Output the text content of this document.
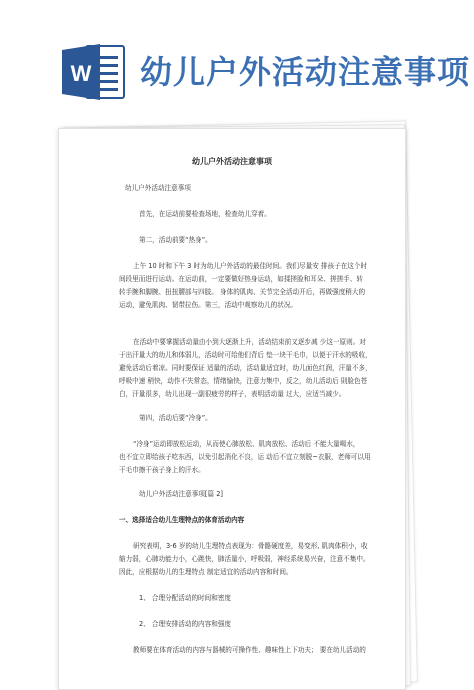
W 幼儿户外活动注意事项
幼儿户外活动注意事项
幼儿户外活动注意事项
首先，在运动前要检查场地，检查幼儿穿着。
第二，活动前要“热身”。
上午 10 时和下午 3 时为幼儿户外活动的最佳时间。我们尽量安 排孩子在这个时
间段里而进行运动。在运动前，一定要做好热身运动，如揉搓脸和耳朵、搓搓手、转
转手腕和脚腕、扭扭腰部与四肢。 身体的肌肉、关节完全活动开后，再做强度稍大的
运动，避免肌肉、韧带拉伤。第三，活动中观察幼儿的状况。
在活动中要掌握活动量由小到大逐渐上升，活动结束前又逐步减 少这一原则。对
于出汗量大的幼儿和体弱儿，活动时可给他们背后 垫一块干毛巾，以便于汗水的吸收，
避免活动后着凉。同时要保证 适量的活动，活动量适宜时，幼儿面色红润，汗量不多，
呼吸中速 稍快，动作不失常态，情绪愉快，注意力集中，反之，幼儿活动后 則脸色苍
白，汗量很多，幼儿出现一副很疲劳的样子，表明活动量 过大，应适当减少。
第四，活动后要“冷身”。
“冷身”运动即放松运动，从而使心肺放松、肌肉放松、活动后 不能大量喝水，
也不宜立即给孩子吃东西，以免引起消化不良，运 动后不宜立刻脱~衣服，老师可以用
干毛巾擦干孩子身上的汗水。
幼儿户外活动注意事项[篇 2]
一、选择适合幼儿生理特点的体育活动内容
研究表明，3-6 岁的幼儿生理特点表现为：骨骼硬度差，易变形, 肌肉体积小，收
缩力弱，心肺功能力小，心跳快，肺活量小，呼吸弱，神经系统易兴奋，注意不集中。
因此，应根据幼儿的生理特点 制定适宜的活动内容和时间。
1、 合理分配活动的时间和密度
2、 合理安排活动的内容和强度
教师要在体育活动的内容与器械的可操作性、趣味性上下功夫； 要在幼儿活动的
